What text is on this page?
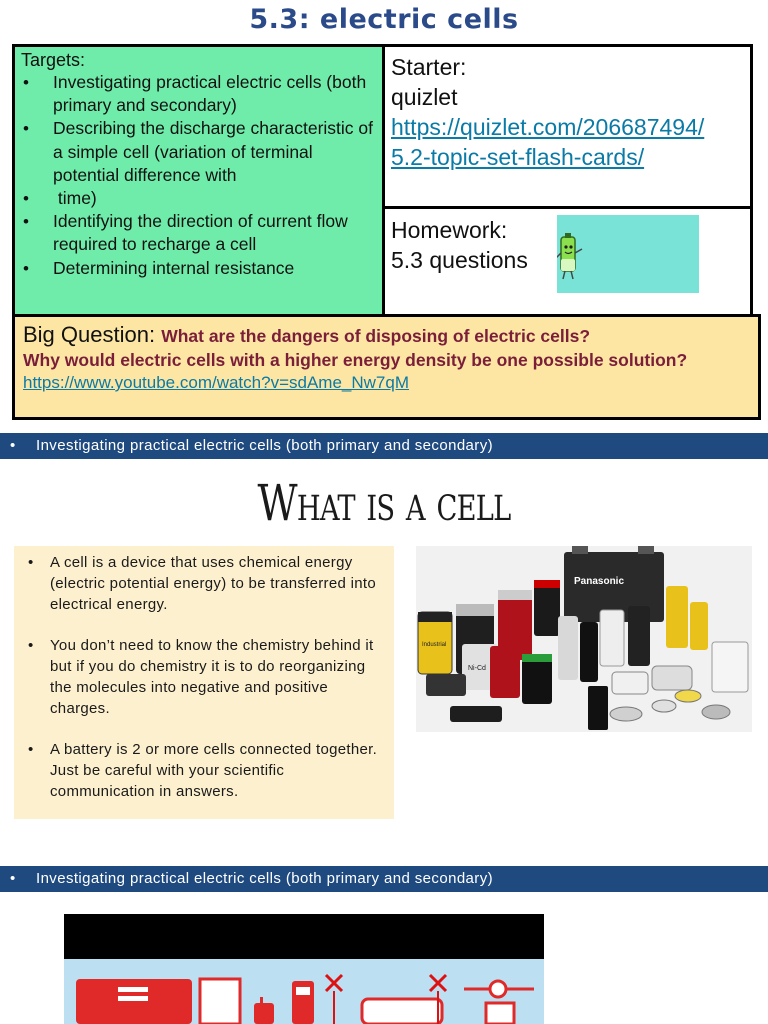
5.3: electric cells
Targets:
• Investigating practical electric cells (both primary and secondary)
• Describing the discharge characteristic of a simple cell (variation of terminal potential difference with
•  time)
• Identifying the direction of current flow required to recharge a cell
• Determining internal resistance
Starter:
quizlet
https://quizlet.com/206687494/
5.2-topic-set-flash-cards/
Homework:
5.3 questions
Big Question: What are the dangers of disposing of electric cells?
Why would electric cells with a higher energy density be one possible solution?
https://www.youtube.com/watch?v=sdAme_Nw7qM
• Investigating practical electric cells (both primary and secondary)
What is a cell
• A cell is a device that uses chemical energy (electric potential energy) to be transferred into electrical energy.
• You don’t need to know the chemistry behind it but if you do chemistry it is to do reorganizing the molecules into negative and positive charges.
• A battery is 2 or more cells connected together. Just be careful with your scientific communication in answers.
Panasonic
Industrial
Ni-Cd
• Investigating practical electric cells (both primary and secondary)
